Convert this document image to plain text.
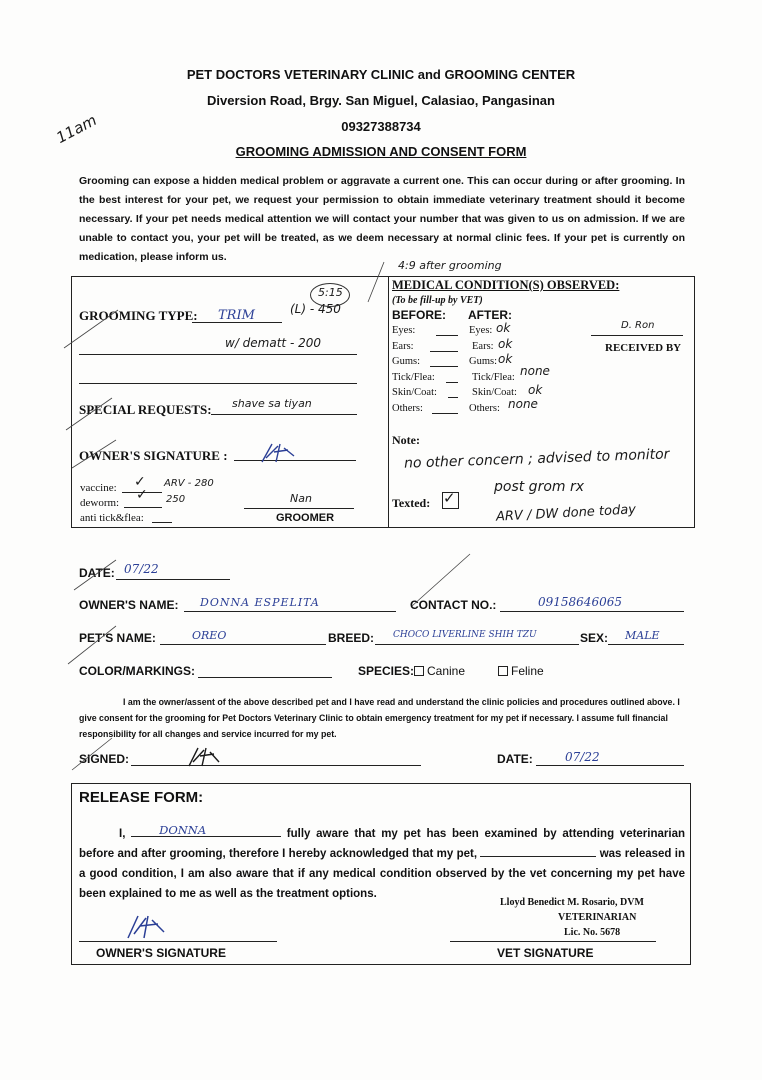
PET DOCTORS VETERINARY CLINIC and GROOMING CENTER
Diversion Road, Brgy. San Miguel, Calasiao, Pangasinan
09327388734
GROOMING ADMISSION AND CONSENT FORM
11am
Grooming can expose a hidden medical problem or aggravate a current one. This can occur during or after grooming. In the best interest for your pet, we request your permission to obtain immediate veterinary treatment should it become necessary. If your pet needs medical attention we will contact your number that was given to us on admission. If we are unable to contact you, your pet will be treated, as we deem necessary at normal clinic fees. If your pet is currently on medication, please inform us.
GROOMING TYPE: TRIM	(L) - 450
5:15
w/ dematt - 200
SPECIAL REQUESTS: shave sa tiyan
OWNER'S SIGNATURE :
vaccine: ✓ ARV - 280
deworm: ✓ 250
anti tick&flea:
Nan
GROOMER
4:9 after grooming
MEDICAL CONDITION(S) OBSERVED:
(To be fill-up by VET)
BEFORE: AFTER:
Eyes:	Eyes: ok
Ears:	Ears: ok
Gums:	Gums: ok
Tick/Flea:	Tick/Flea: none
Skin/Coat:	Skin/Coat: ok
Others:	Others: none
D. Ron
RECEIVED BY
Note:
no other concern ; advised to monitor
post grom rx
ARV / DW done today
Texted: ✓
DATE: 07/22
OWNER'S NAME: DONNA ESPELITA	CONTACT NO.:	09158646065
PET'S NAME:	OREO	BREED: CHOCO LIVERLINE SHIH TZU	SEX: MALE
COLOR/MARKINGS:	SPECIES: Canine	Feline
I am the owner/assent of the above described pet and I have read and understand the clinic policies and procedures outlined above. I give consent for the grooming for Pet Doctors Veterinary Clinic to obtain emergency treatment for my pet if necessary. I assume full financial responsibility for all changes and service incurred for my pet.
SIGNED:	DATE:	07/22
RELEASE FORM:
I,	DONNA	fully aware that my pet has been examined by attending veterinarian before and after grooming, therefore I hereby acknowledged that my pet,	was released in a good condition, I am also aware that if any medical condition observed by the vet concerning my pet have been explained to me as well as the treatment options.
OWNER'S SIGNATURE
Lloyd Benedict M. Rosario, DVM
VETERINARIAN
Lic. No. 5678
VET SIGNATURE
